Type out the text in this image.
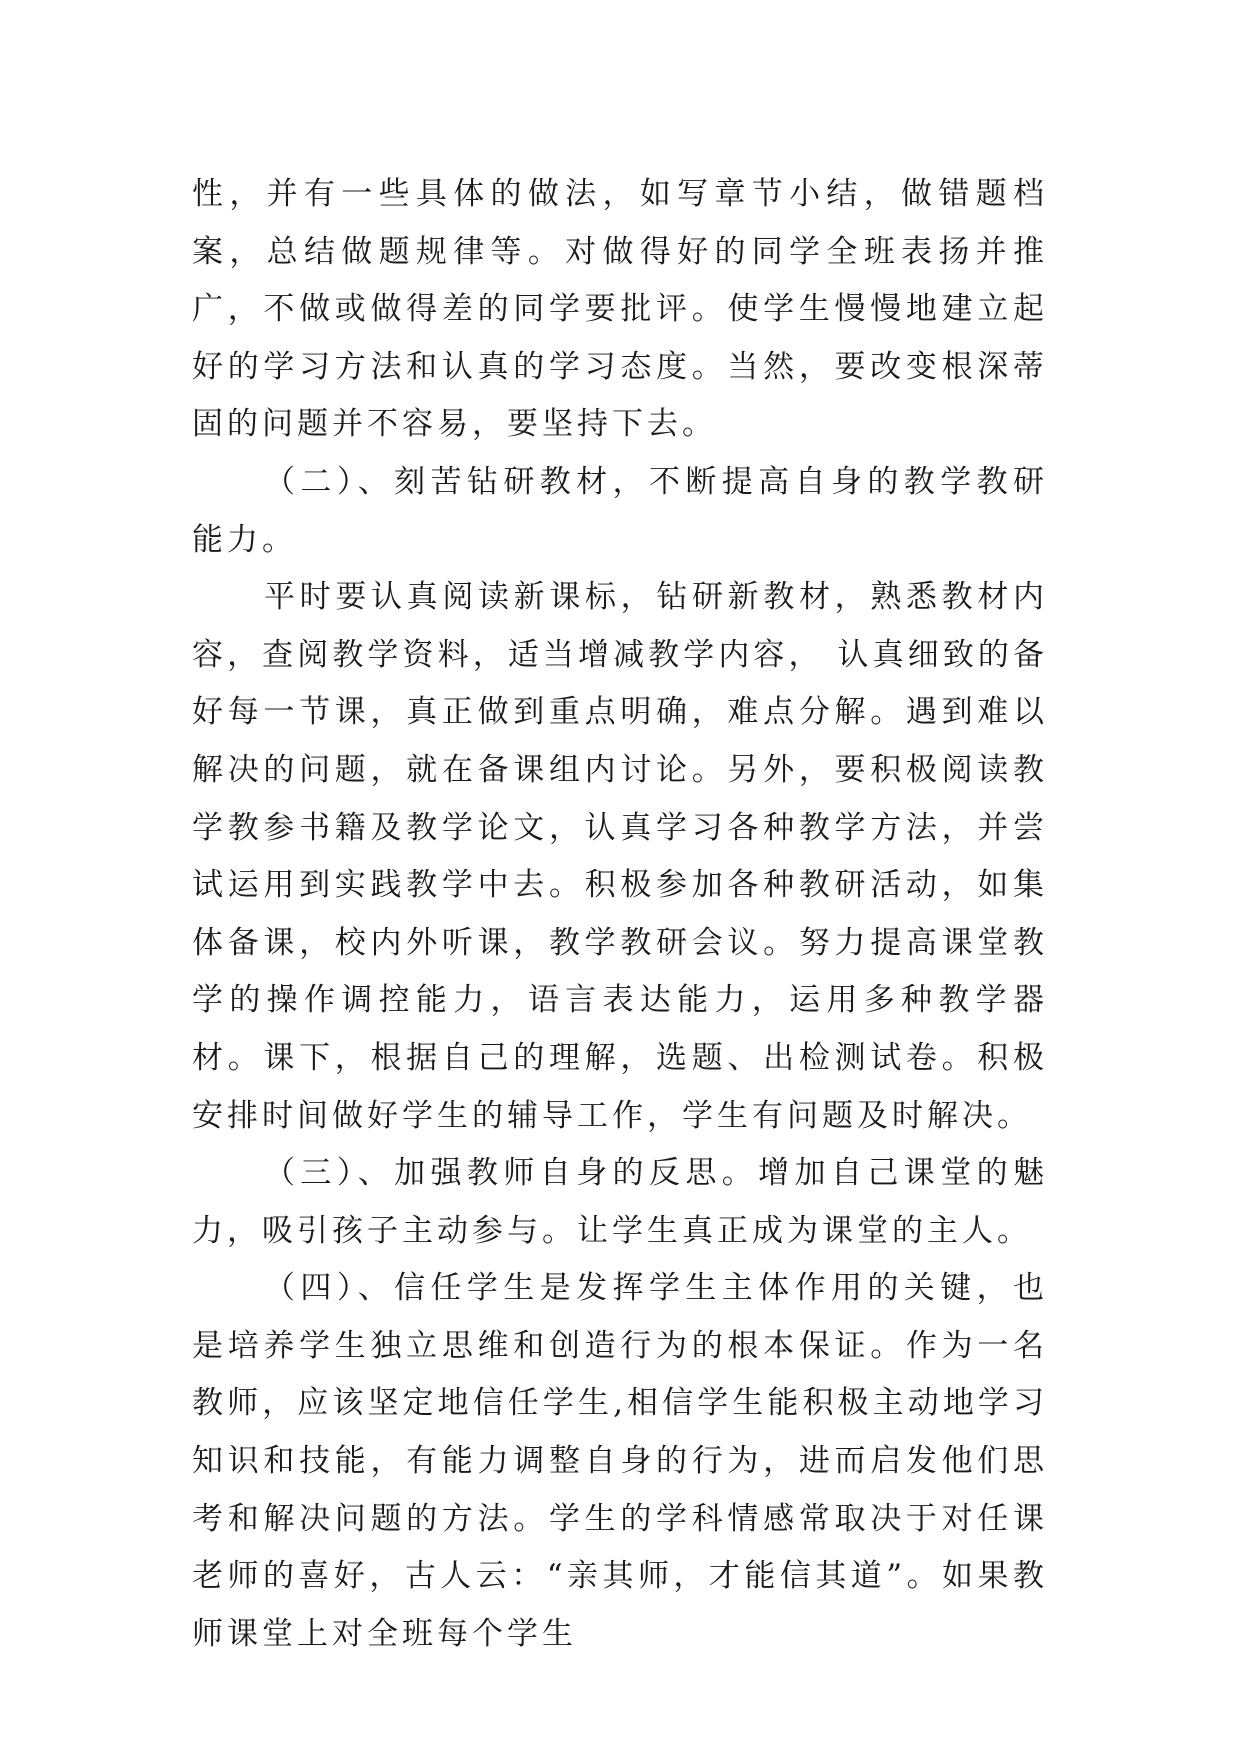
性，并有一些具体的做法，如写章节小结，做错题档案，总结做题规律等。对做得好的同学全班表扬并推广，不做或做得差的同学要批评。使学生慢慢地建立起好的学习方法和认真的学习态度。当然，要改变根深蒂固的问题并不容易，要坚持下去。

（二）、刻苦钻研教材，不断提高自身的教学教研能力。

平时要认真阅读新课标，钻研新教材，熟悉教材内容，查阅教学资料，适当增减教学内容， 认真细致的备好每一节课，真正做到重点明确，难点分解。遇到难以解决的问题，就在备课组内讨论。另外，要积极阅读教学教参书籍及教学论文，认真学习各种教学方法，并尝试运用到实践教学中去。积极参加各种教研活动，如集体备课，校内外听课，教学教研会议。努力提高课堂教学的操作调控能力，语言表达能力，运用多种教学器材。课下，根据自己的理解，选题、出检测试卷。积极安排时间做好学生的辅导工作，学生有问题及时解决。

（三）、加强教师自身的反思。增加自己课堂的魅力，吸引孩子主动参与。让学生真正成为课堂的主人。

（四）、信任学生是发挥学生主体作用的关键，也是培养学生独立思维和创造行为的根本保证。作为一名教师，应该坚定地信任学生,相信学生能积极主动地学习知识和技能，有能力调整自身的行为，进而启发他们思考和解决问题的方法。学生的学科情感常取决于对任课老师的喜好，古人云：“亲其师，才能信其道”。如果教师课堂上对全班每个学生
